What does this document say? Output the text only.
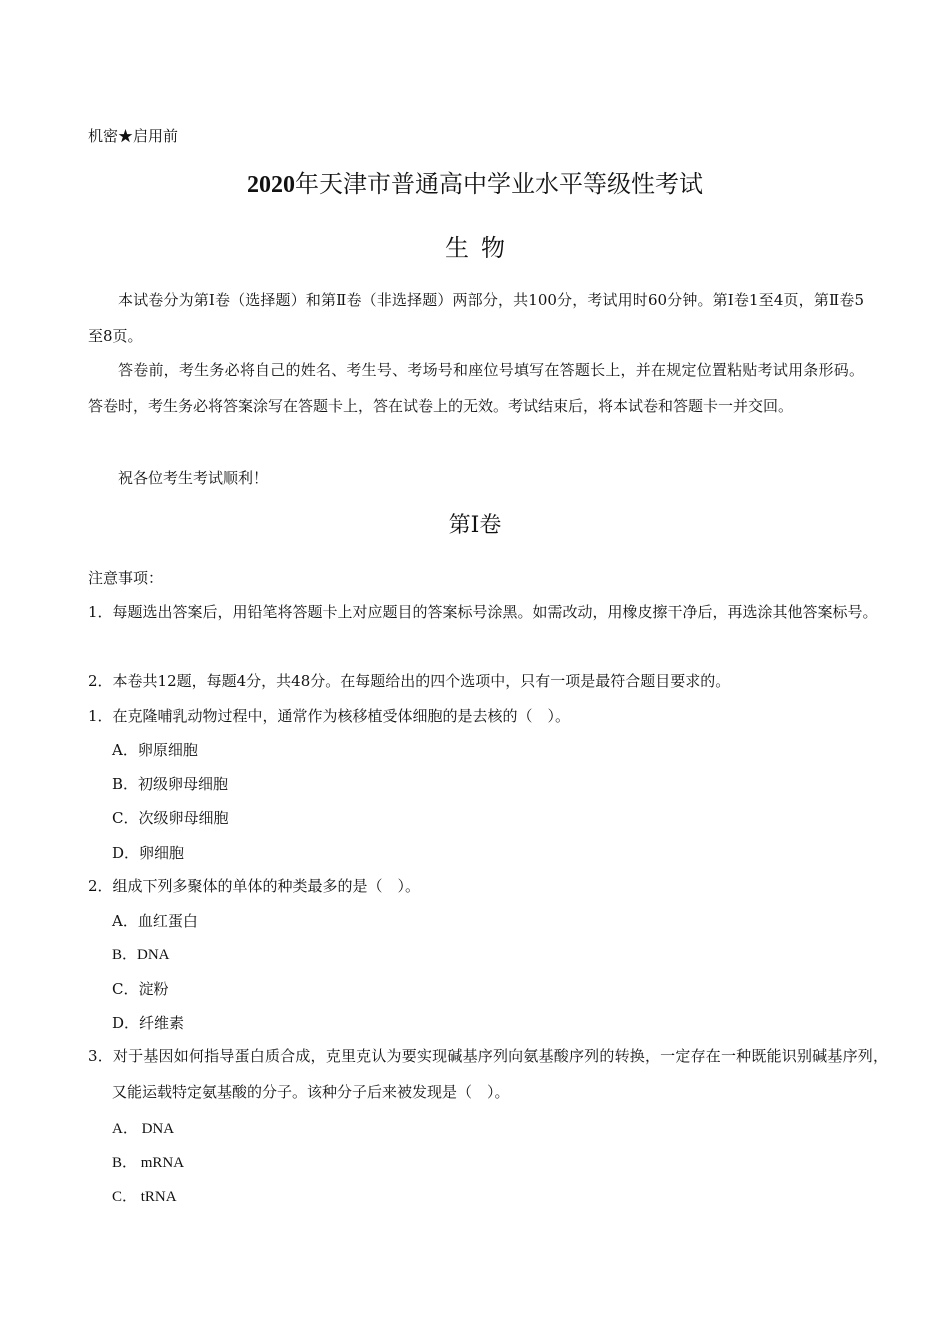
机密★启用前
2020年天津市普通高中学业水平等级性考试
生物
本试卷分为第Ⅰ卷（选择题）和第Ⅱ卷（非选择题）两部分，共100分，考试用时60分钟。第Ⅰ卷1至4页，第Ⅱ卷5至8页。
答卷前，考生务必将自己的姓名、考生号、考场号和座位号填写在答题长上，并在规定位置粘贴考试用条形码。答卷时，考生务必将答案涂写在答题卡上，答在试卷上的无效。考试结束后，将本试卷和答题卡一并交回。
祝各位考生考试顺利！
第Ⅰ卷
注意事项：
1．每题选出答案后，用铅笔将答题卡上对应题目的答案标号涂黑。如需改动，用橡皮擦干净后，再选涂其他答案标号。
2．本卷共12题，每题4分，共48分。在每题给出的四个选项中，只有一项是最符合题目要求的。
1．在克隆哺乳动物过程中，通常作为核移植受体细胞的是去核的（　）。
A．卵原细胞
B．初级卵母细胞
C．次级卵母细胞
D．卵细胞
2．组成下列多聚体的单体的种类最多的是（　）。
A．血红蛋白
B．DNA
C．淀粉
D．纤维素
3．对于基因如何指导蛋白质合成，克里克认为要实现碱基序列向氨基酸序列的转换，一定存在一种既能识别碱基序列，又能运载特定氨基酸的分子。该种分子后来被发现是（　）。
A． DNA
B． mRNA
C． tRNA
